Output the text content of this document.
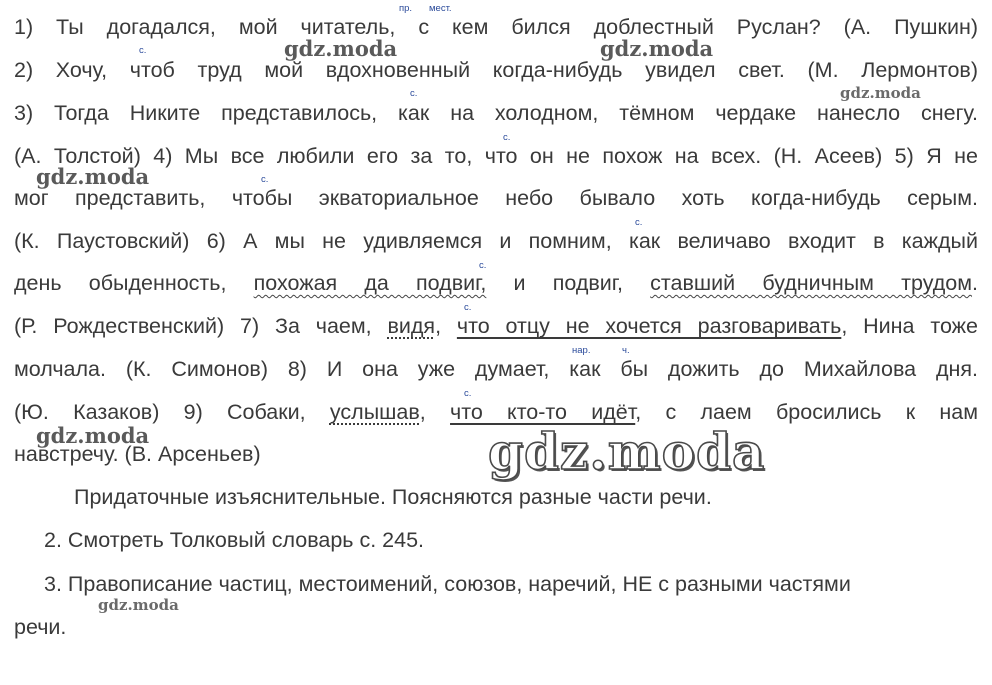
1) Ты догадался, мой читатель, с кем бился доблестный Руслан? (А. Пушкин)
2) Хочу, чтоб труд мой вдохновенный когда-нибудь увидел свет. (М. Лермонтов)
3) Тогда Никите представилось, как на холодном, тёмном чердаке нанесло снегу.
(А. Толстой) 4) Мы все любили его за то, что он не похож на всех. (Н. Асеев) 5) Я не
мог представить, чтобы экваториальное небо бывало хоть когда-нибудь серым.
(К. Паустовский) 6) А мы не удивляемся и помним, как величаво входит в каждый
день обыденность, похожая да подвиг, и подвиг, ставший будничным трудом.
(Р. Рождественский) 7) За чаем, видя, что отцу не хочется разговаривать, Нина тоже
молчала. (К. Симонов) 8) И она уже думает, как бы дожить до Михайлова дня.
(Ю. Казаков) 9) Собаки, услышав, что кто-то идёт, с лаем бросились к нам
навстречу. (В. Арсеньев)
Придаточные изъяснительные. Поясняются разные части речи.
2. Смотреть Толковый словарь с. 245.
3. Правописание частиц, местоимений, союзов, наречий, НЕ с разными частями
речи.
пр. мест.
с.
с.
с.
с.
с.
с.
с.
нар.	ч.
с.
gdz.moda	gdz.moda
gdz.moda
gdz.moda
gdz.moda	gdz.moda
gdz.moda
